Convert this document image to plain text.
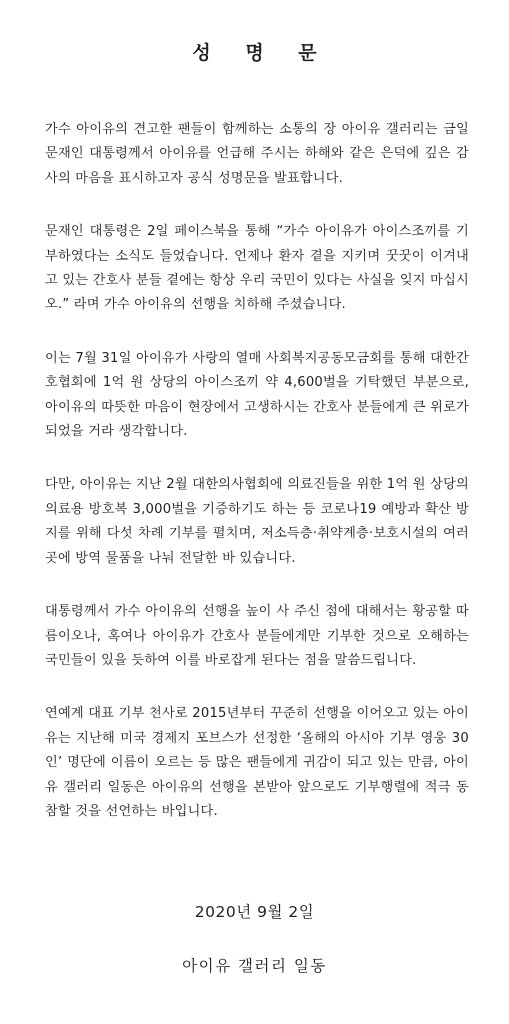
성 명 문

가수 아이유의 견고한 팬들이 함께하는 소통의 장 아이유 갤러리는 금일 문재인 대통령께서 아이유를 언급해 주시는 하해와 같은 은덕에 깊은 감사의 마음을 표시하고자 공식 성명문을 발표합니다.

문재인 대통령은 2일 페이스북을 통해 “가수 아이유가 아이스조끼를 기부하였다는 소식도 들었습니다. 언제나 환자 곁을 지키며 꿋꿋이 이겨내고 있는 간호사 분들 곁에는 항상 우리 국민이 있다는 사실을 잊지 마십시오.” 라며 가수 아이유의 선행을 치하해 주셨습니다.

이는 7월 31일 아이유가 사랑의 열매 사회복지공동모금회를 통해 대한간호협회에 1억 원 상당의 아이스조끼 약 4,600벌을 기탁했던 부분으로, 아이유의 따뜻한 마음이 현장에서 고생하시는 간호사 분들에게 큰 위로가 되었을 거라 생각합니다.

다만, 아이유는 지난 2월 대한의사협회에 의료진들을 위한 1억 원 상당의 의료용 방호복 3,000벌을 기증하기도 하는 등 코로나19 예방과 확산 방지를 위해 다섯 차례 기부를 펼치며, 저소득층·취약계층·보호시설의 여러 곳에 방역 물품을 나눠 전달한 바 있습니다.

대통령께서 가수 아이유의 선행을 높이 사 주신 점에 대해서는 황공할 따름이오나, 혹여나 아이유가 간호사 분들에게만 기부한 것으로 오해하는 국민들이 있을 듯하여 이를 바로잡게 된다는 점을 말씀드립니다.

연예계 대표 기부 천사로 2015년부터 꾸준히 선행을 이어오고 있는 아이유는 지난해 미국 경제지 포브스가 선정한 ‘올해의 아시아 기부 영웅 30인’ 명단에 이름이 오르는 등 많은 팬들에게 귀감이 되고 있는 만큼, 아이유 갤러리 일동은 아이유의 선행을 본받아 앞으로도 기부행렬에 적극 동참할 것을 선언하는 바입니다.

2020년 9월 2일

아이유 갤러리 일동
